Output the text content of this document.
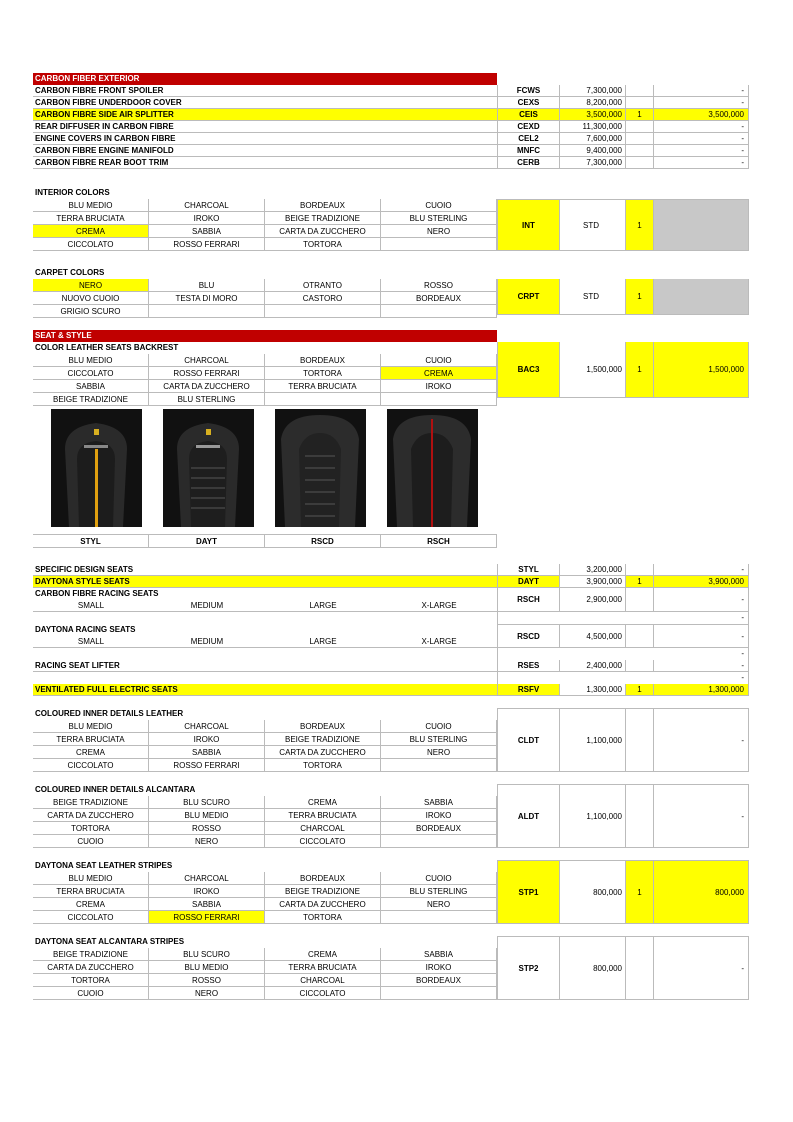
CARBON FIBER EXTERIOR
CARBON FIBRE FRONT SPOILER	FCWS	7,300,000	-
CARBON FIBRE UNDERDOOR COVER	CEXS	8,200,000	-
CARBON FIBRE SIDE AIR SPLITTER	CEIS	3,500,000	1	3,500,000
REAR DIFFUSER IN CARBON FIBRE	CEXD	11,300,000	-
ENGINE COVERS IN CARBON FIBRE	CEL2	7,600,000	-
CARBON FIBRE ENGINE MANIFOLD	MNFC	9,400,000	-
CARBON FIBRE REAR BOOT TRIM	CERB	7,300,000	-
INTERIOR COLORS
BLU MEDIO	CHARCOAL	BORDEAUX	CUOIO
TERRA BRUCIATA	IROKO	BEIGE TRADIZIONE	BLU STERLING
CREMA	SABBIA	CARTA DA ZUCCHERO	NERO
CICCOLATO	ROSSO FERRARI	TORTORA
INT	STD	1
CARPET COLORS
NERO	BLU	OTRANTO	ROSSO
NUOVO CUOIO	TESTA DI MORO	CASTORO	BORDEAUX
GRIGIO SCURO
CRPT	STD	1
SEAT & STYLE
COLOR LEATHER SEATS BACKREST
BLU MEDIO	CHARCOAL	BORDEAUX	CUOIO
CICCOLATO	ROSSO FERRARI	TORTORA	CREMA
SABBIA	CARTA DA ZUCCHERO	TERRA BRUCIATA	IROKO
BEIGE TRADIZIONE	BLU STERLING
BAC3	1,500,000	1	1,500,000
STYL	DAYT	RSCD	RSCH
SPECIFIC DESIGN SEATS	STYL	3,200,000	-
DAYTONA STYLE SEATS	DAYT	3,900,000	1	3,900,000
CARBON FIBRE RACING SEATS
SMALL	MEDIUM	LARGE	X-LARGE
RSCH	2,900,000	-
-
DAYTONA RACING SEATS
SMALL	MEDIUM	LARGE	X-LARGE
RSCD	4,500,000	-
-
RACING SEAT LIFTER	RSES	2,400,000	-
-
VENTILATED FULL ELECTRIC SEATS	RSFV	1,300,000	1	1,300,000
COLOURED INNER DETAILS LEATHER
BLU MEDIO	CHARCOAL	BORDEAUX	CUOIO
TERRA BRUCIATA	IROKO	BEIGE TRADIZIONE	BLU STERLING
CREMA	SABBIA	CARTA DA ZUCCHERO	NERO
CICCOLATO	ROSSO FERRARI	TORTORA
CLDT	1,100,000	-
COLOURED INNER DETAILS ALCANTARA
BEIGE TRADIZIONE	BLU SCURO	CREMA	SABBIA
CARTA DA ZUCCHERO	BLU MEDIO	TERRA BRUCIATA	IROKO
TORTORA	ROSSO	CHARCOAL	BORDEAUX
CUOIO	NERO	CICCOLATO
ALDT	1,100,000	-
DAYTONA SEAT LEATHER STRIPES
BLU MEDIO	CHARCOAL	BORDEAUX	CUOIO
TERRA BRUCIATA	IROKO	BEIGE TRADIZIONE	BLU STERLING
CREMA	SABBIA	CARTA DA ZUCCHERO	NERO
CICCOLATO	ROSSO FERRARI	TORTORA
STP1	800,000	1	800,000
DAYTONA SEAT ALCANTARA STRIPES
BEIGE TRADIZIONE	BLU SCURO	CREMA	SABBIA
CARTA DA ZUCCHERO	BLU MEDIO	TERRA BRUCIATA	IROKO
TORTORA	ROSSO	CHARCOAL	BORDEAUX
CUOIO	NERO	CICCOLATO
STP2	800,000	-
